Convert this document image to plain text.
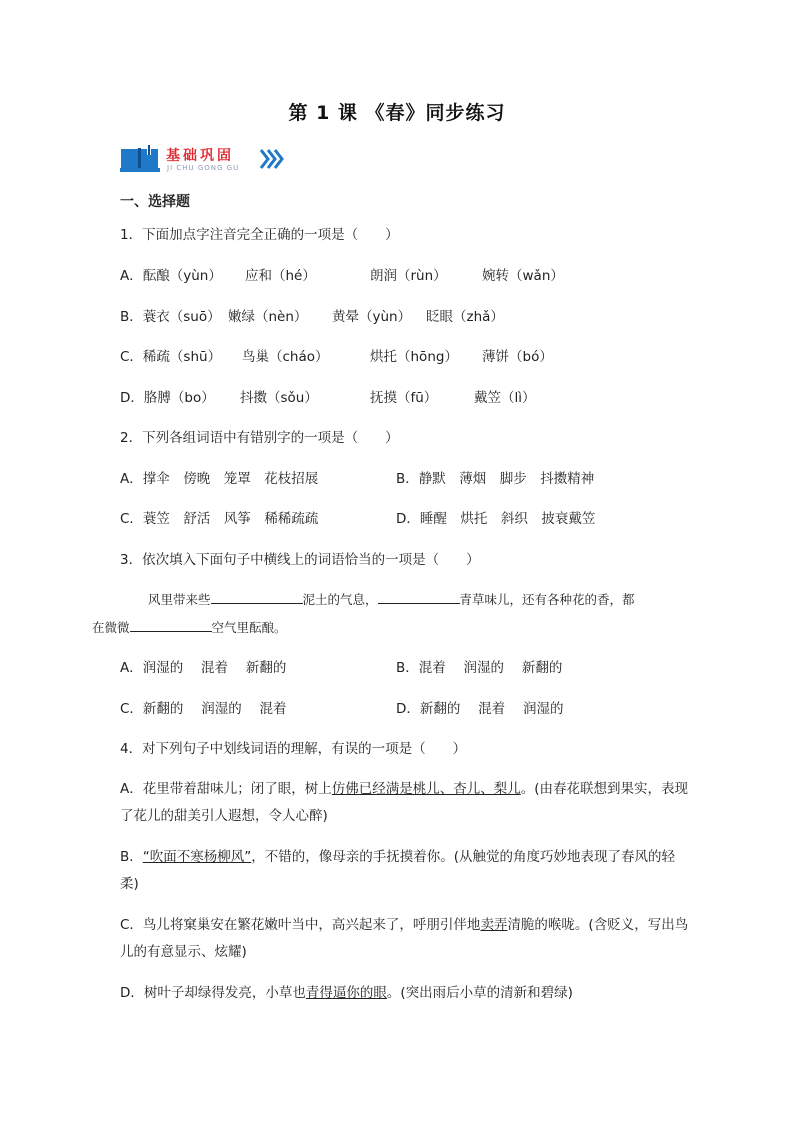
第 1 课 《春》同步练习
基础巩固
JI CHU GONG GU
一、选择题
1．下面加点字注音完全正确的一项是（　　）
A．酝酿（yùn） 应和（hé）	朗润（rùn）	婉转（wǎn）
B．蓑衣（suō） 嫩绿（nèn） 黄晕（yùn） 眨眼（zhǎ）
C．稀疏（shū） 鸟巢（cháo）	烘托（hōng） 薄饼（bó）
D．胳膊（bo） 抖擞（sǒu）	抚摸（fū）	戴笠（lì）
2．下列各组词语中有错别字的一项是（　　）
A．撑伞　傍晚　笼罩　花枝招展	B．静默　薄烟　脚步　抖擞精神
C．蓑笠　舒活　风筝　稀稀疏疏	D．睡醒　烘托　斜织　披衰戴笠
3．依次填入下面句子中横线上的词语恰当的一项是（　　）
风里带来些	泥土的气息，	青草味儿，还有各种花的香，都
在微微	空气里酝酿。
A．润湿的　 混着　 新翻的	B．混着　 润湿的　 新翻的
C．新翻的　 润湿的　 混着	D．新翻的　 混着　 润湿的
4．对下列句子中划线词语的理解，有误的一项是（　　）
A．花里带着甜味儿；闭了眼，树上仿佛已经满是桃儿、杏儿、梨儿。(由春花联想到果实，表现了花儿的甜美引人遐想，令人心醉)
B．“吹面不寒杨柳风”，不错的，像母亲的手抚摸着你。(从触觉的角度巧妙地表现了春风的轻柔)
C．鸟儿将窠巢安在繁花嫩叶当中，高兴起来了，呼朋引伴地卖弄清脆的喉咙。(含贬义，写出鸟儿的有意显示、炫耀)
D．树叶子却绿得发亮，小草也青得逼你的眼。(突出雨后小草的清新和碧绿)
